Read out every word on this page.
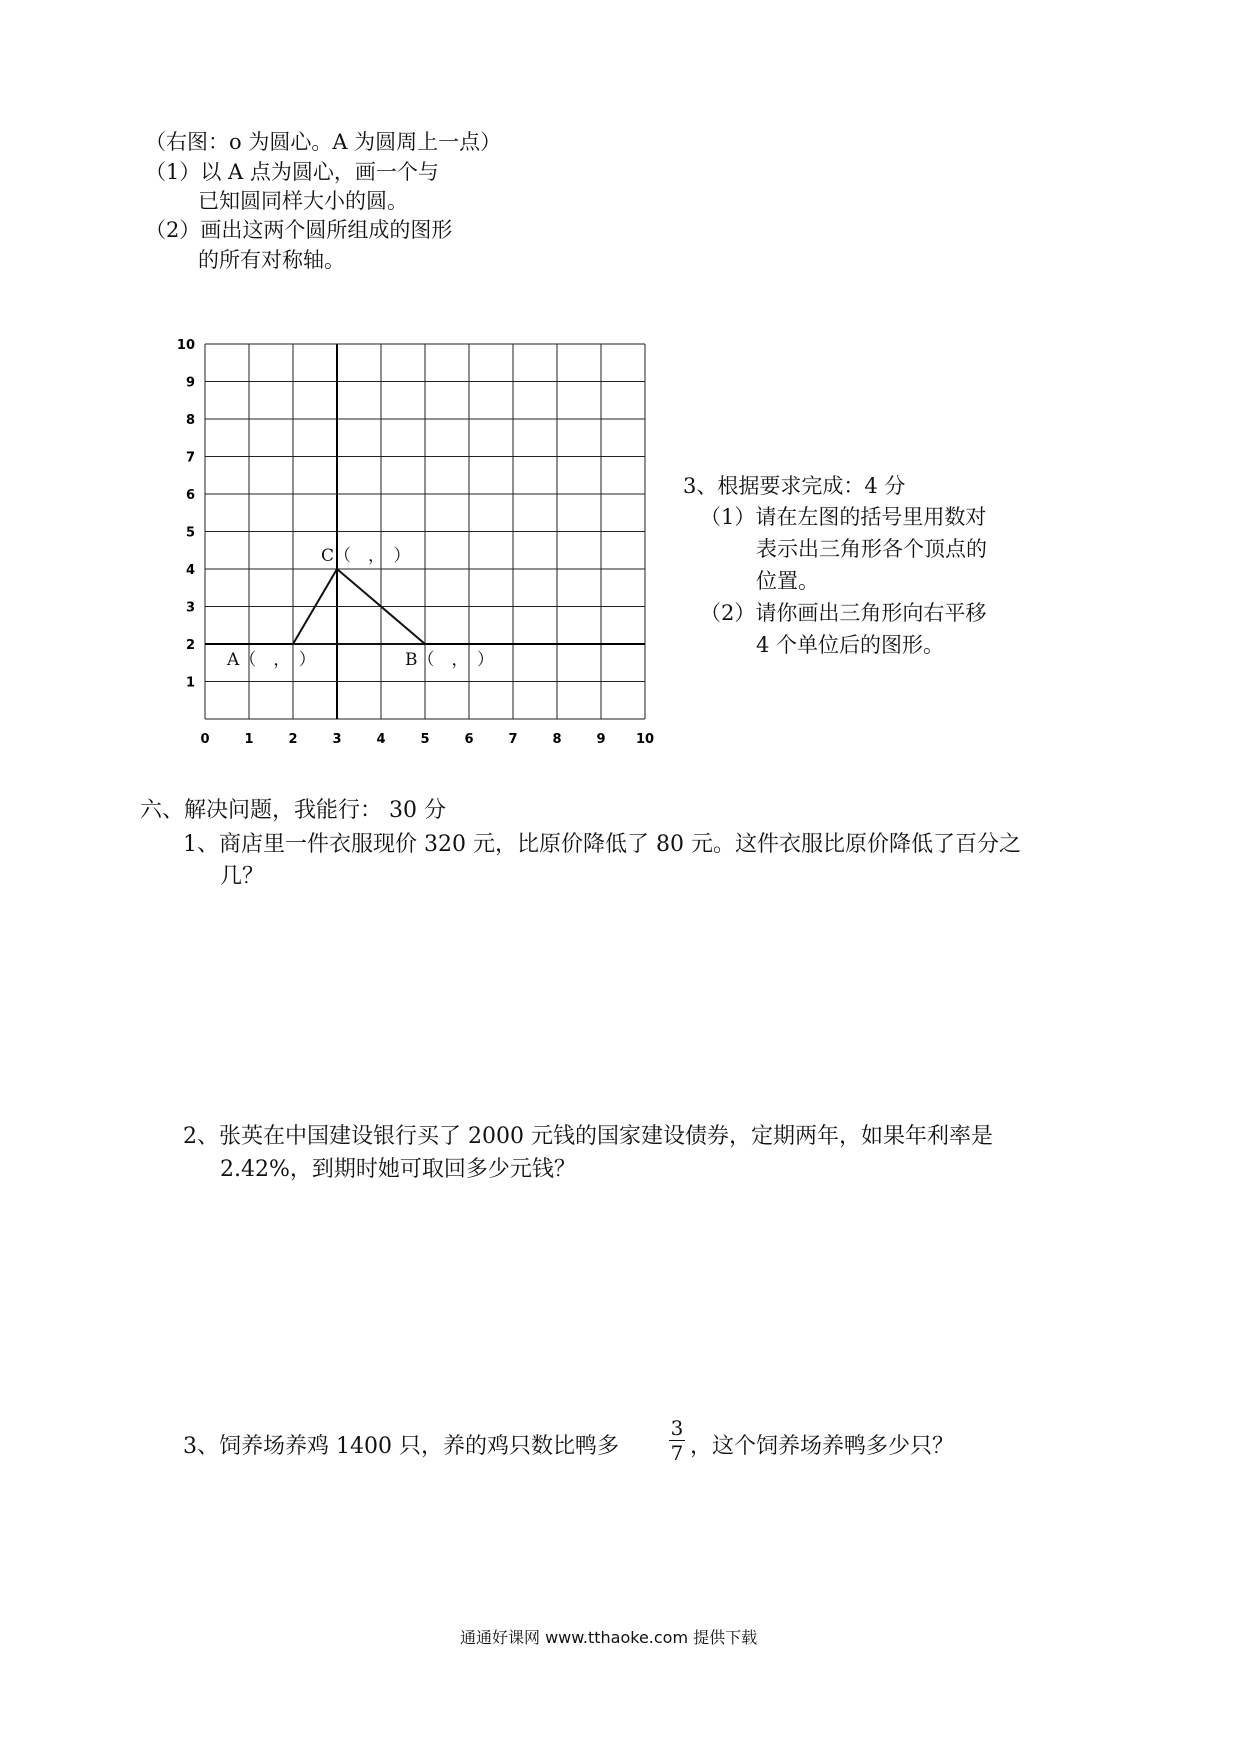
（右图：o 为圆心。A 为圆周上一点）
（1）以 A 点为圆心，画一个与
已知圆同样大小的圆。
（2）画出这两个圆所组成的图形
的所有对称轴。
0	1	2	3	4	5	6	7	8	9 10
1
2
3
4
5
6
7
8
9
10
A（　，　）	B（　，　）
C（　，　）
3、根据要求完成：4 分
（1）请在左图的括号里用数对
表示出三角形各个顶点的
位置。
（2）请你画出三角形向右平移
4 个单位后的图形。
六、解决问题，我能行： 30 分
1、商店里一件衣服现价 320 元，比原价降低了 80 元。这件衣服比原价降低了百分之
几？
2、张英在中国建设银行买了 2000 元钱的国家建设债券，定期两年，如果年利率是
2.42%，到期时她可取回多少元钱？
3、饲养场养鸡 1400 只，养的鸡只数比鸭多
3
7 ，这个饲养场养鸭多少只？
通通好课网 www.tthaoke.com 提供下载
